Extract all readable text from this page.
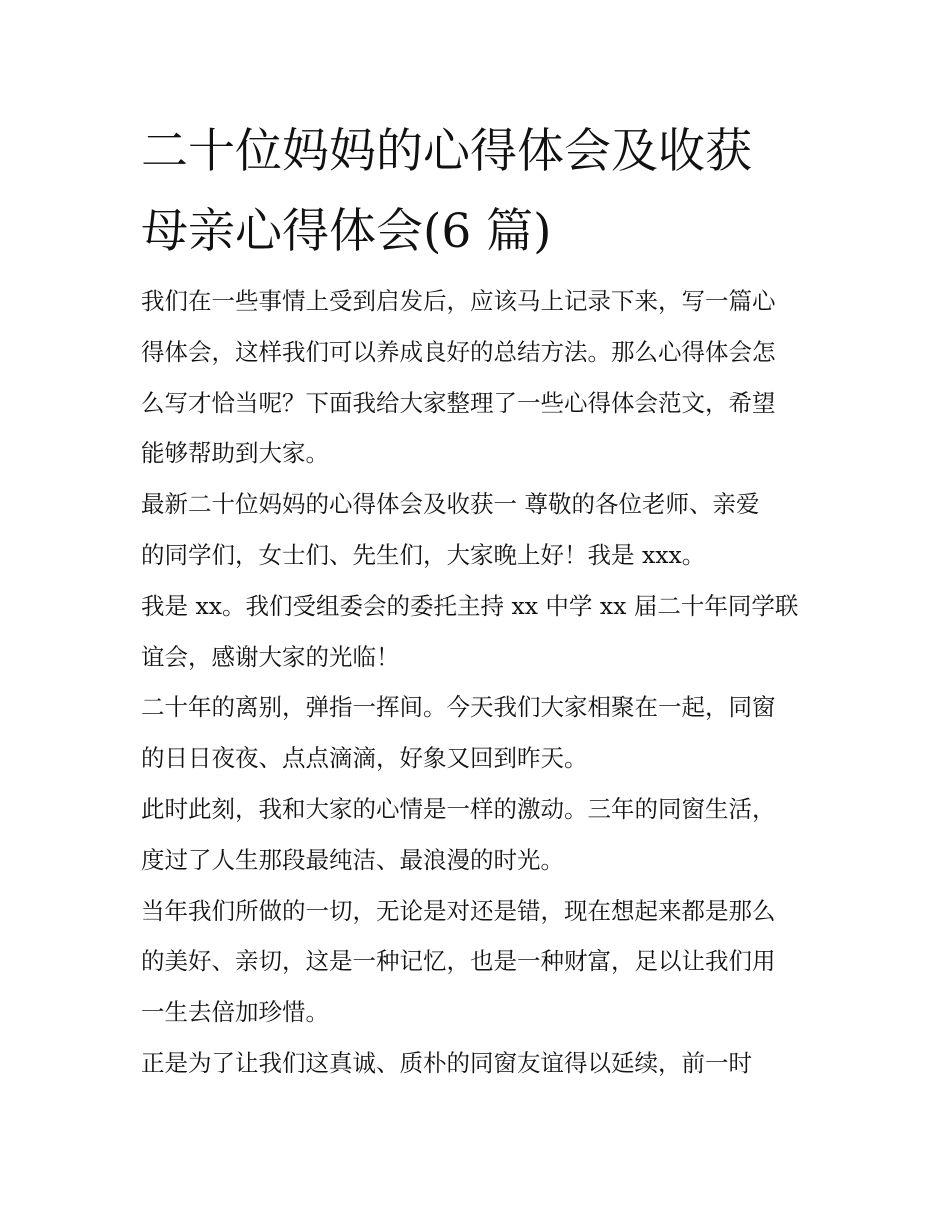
二十位妈妈的心得体会及收获
母亲心得体会(6 篇)

我们在一些事情上受到启发后，应该马上记录下来，写一篇心
得体会，这样我们可以养成良好的总结方法。那么心得体会怎
么写才恰当呢？下面我给大家整理了一些心得体会范文，希望
能够帮助到大家。

最新二十位妈妈的心得体会及收获一 尊敬的各位老师、亲爱
的同学们，女士们、先生们，大家晚上好！我是 xxx。

我是 xx。我们受组委会的委托主持 xx 中学 xx 届二十年同学联
谊会，感谢大家的光临！

二十年的离别，弹指一挥间。今天我们大家相聚在一起，同窗
的日日夜夜、点点滴滴，好象又回到昨天。

此时此刻，我和大家的心情是一样的激动。三年的同窗生活，
度过了人生那段最纯洁、最浪漫的时光。

当年我们所做的一切，无论是对还是错，现在想起来都是那么
的美好、亲切，这是一种记忆，也是一种财富，足以让我们用
一生去倍加珍惜。

正是为了让我们这真诚、质朴的同窗友谊得以延续，前一时
